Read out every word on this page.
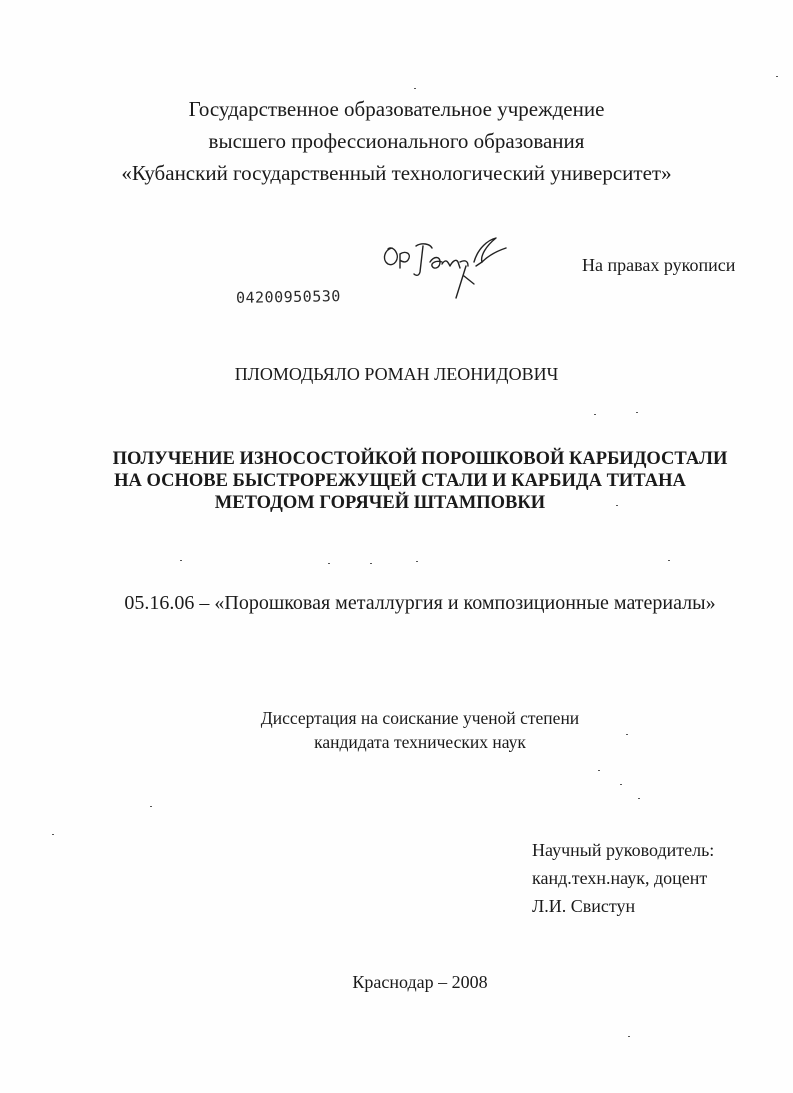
Государственное образовательное учреждение
высшего профессионального образования
«Кубанский государственный технологический университет»
04200950530
На правах рукописи
ПЛОМОДЬЯЛО РОМАН ЛЕОНИДОВИЧ
ПОЛУЧЕНИЕ ИЗНОСОСТОЙКОЙ ПОРОШКОВОЙ КАРБИДОСТАЛИ
НА ОСНОВЕ БЫСТРОРЕЖУЩЕЙ СТАЛИ И КАРБИДА ТИТАНА
МЕТОДОМ ГОРЯЧЕЙ ШТАМПОВКИ
05.16.06 – «Порошковая металлургия и композиционные материалы»
Диссертация на соискание ученой степени
кандидата технических наук
Научный руководитель:
канд.техн.наук, доцент
Л.И. Свистун
Краснодар – 2008
